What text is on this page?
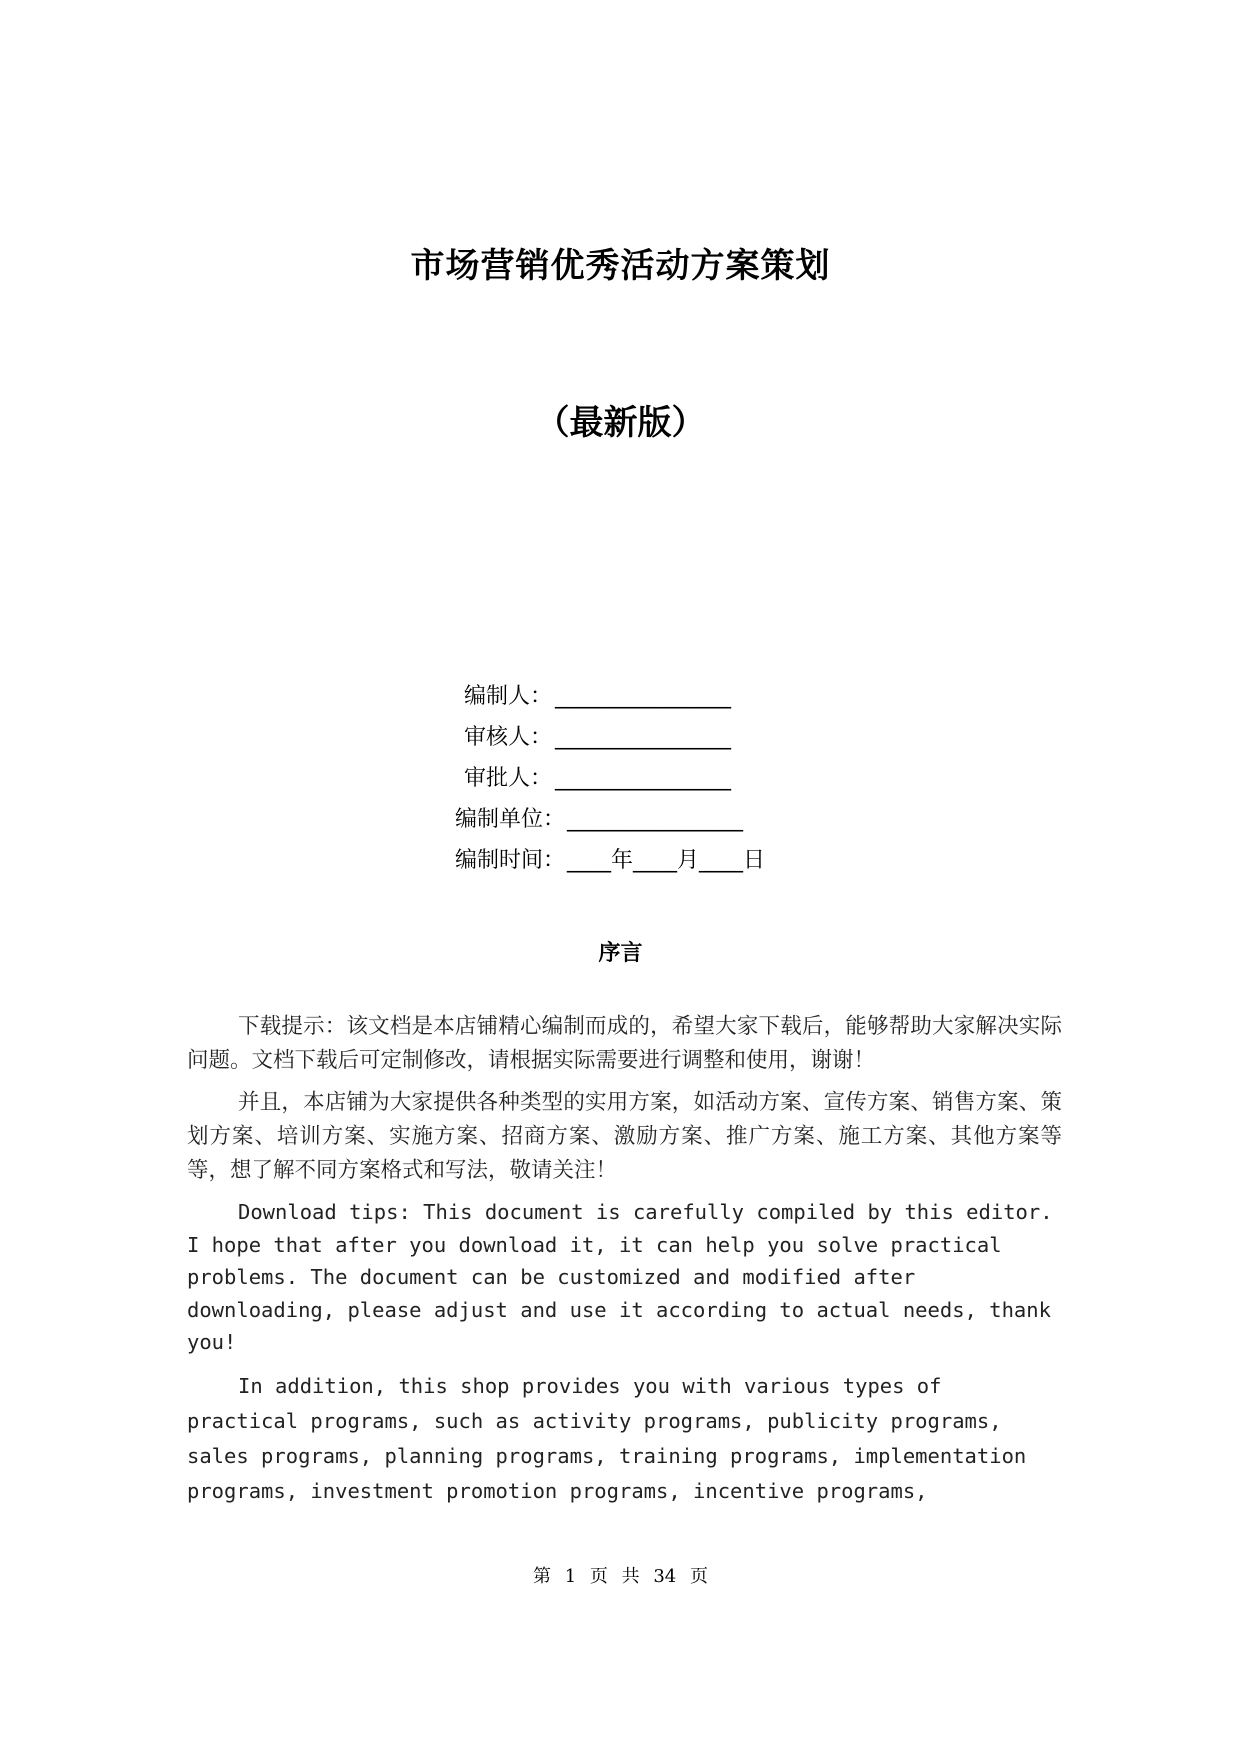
市场营销优秀活动方案策划
（最新版）
编制人： ________________
审核人： ________________
审批人： ________________
编制单位： ________________
编制时间： ____年____月____日
序言

下载提示：该文档是本店铺精心编制而成的，希望大家下载后，能够帮助大家解决实际问题。文档下载后可定制修改，请根据实际需要进行调整和使用，谢谢！

并且，本店铺为大家提供各种类型的实用方案，如活动方案、宣传方案、销售方案、策划方案、培训方案、实施方案、招商方案、激励方案、推广方案、施工方案、其他方案等等，想了解不同方案格式和写法，敬请关注！

Download tips: This document is carefully compiled by this editor. I hope that after you download it, it can help you solve practical problems. The document can be customized and modified after downloading, please adjust and use it according to actual needs, thank you!

In addition, this shop provides you with various types of practical programs, such as activity programs, publicity programs, sales programs, planning programs, training programs, implementation programs, investment promotion programs, incentive programs,

第 1 页 共 34 页
